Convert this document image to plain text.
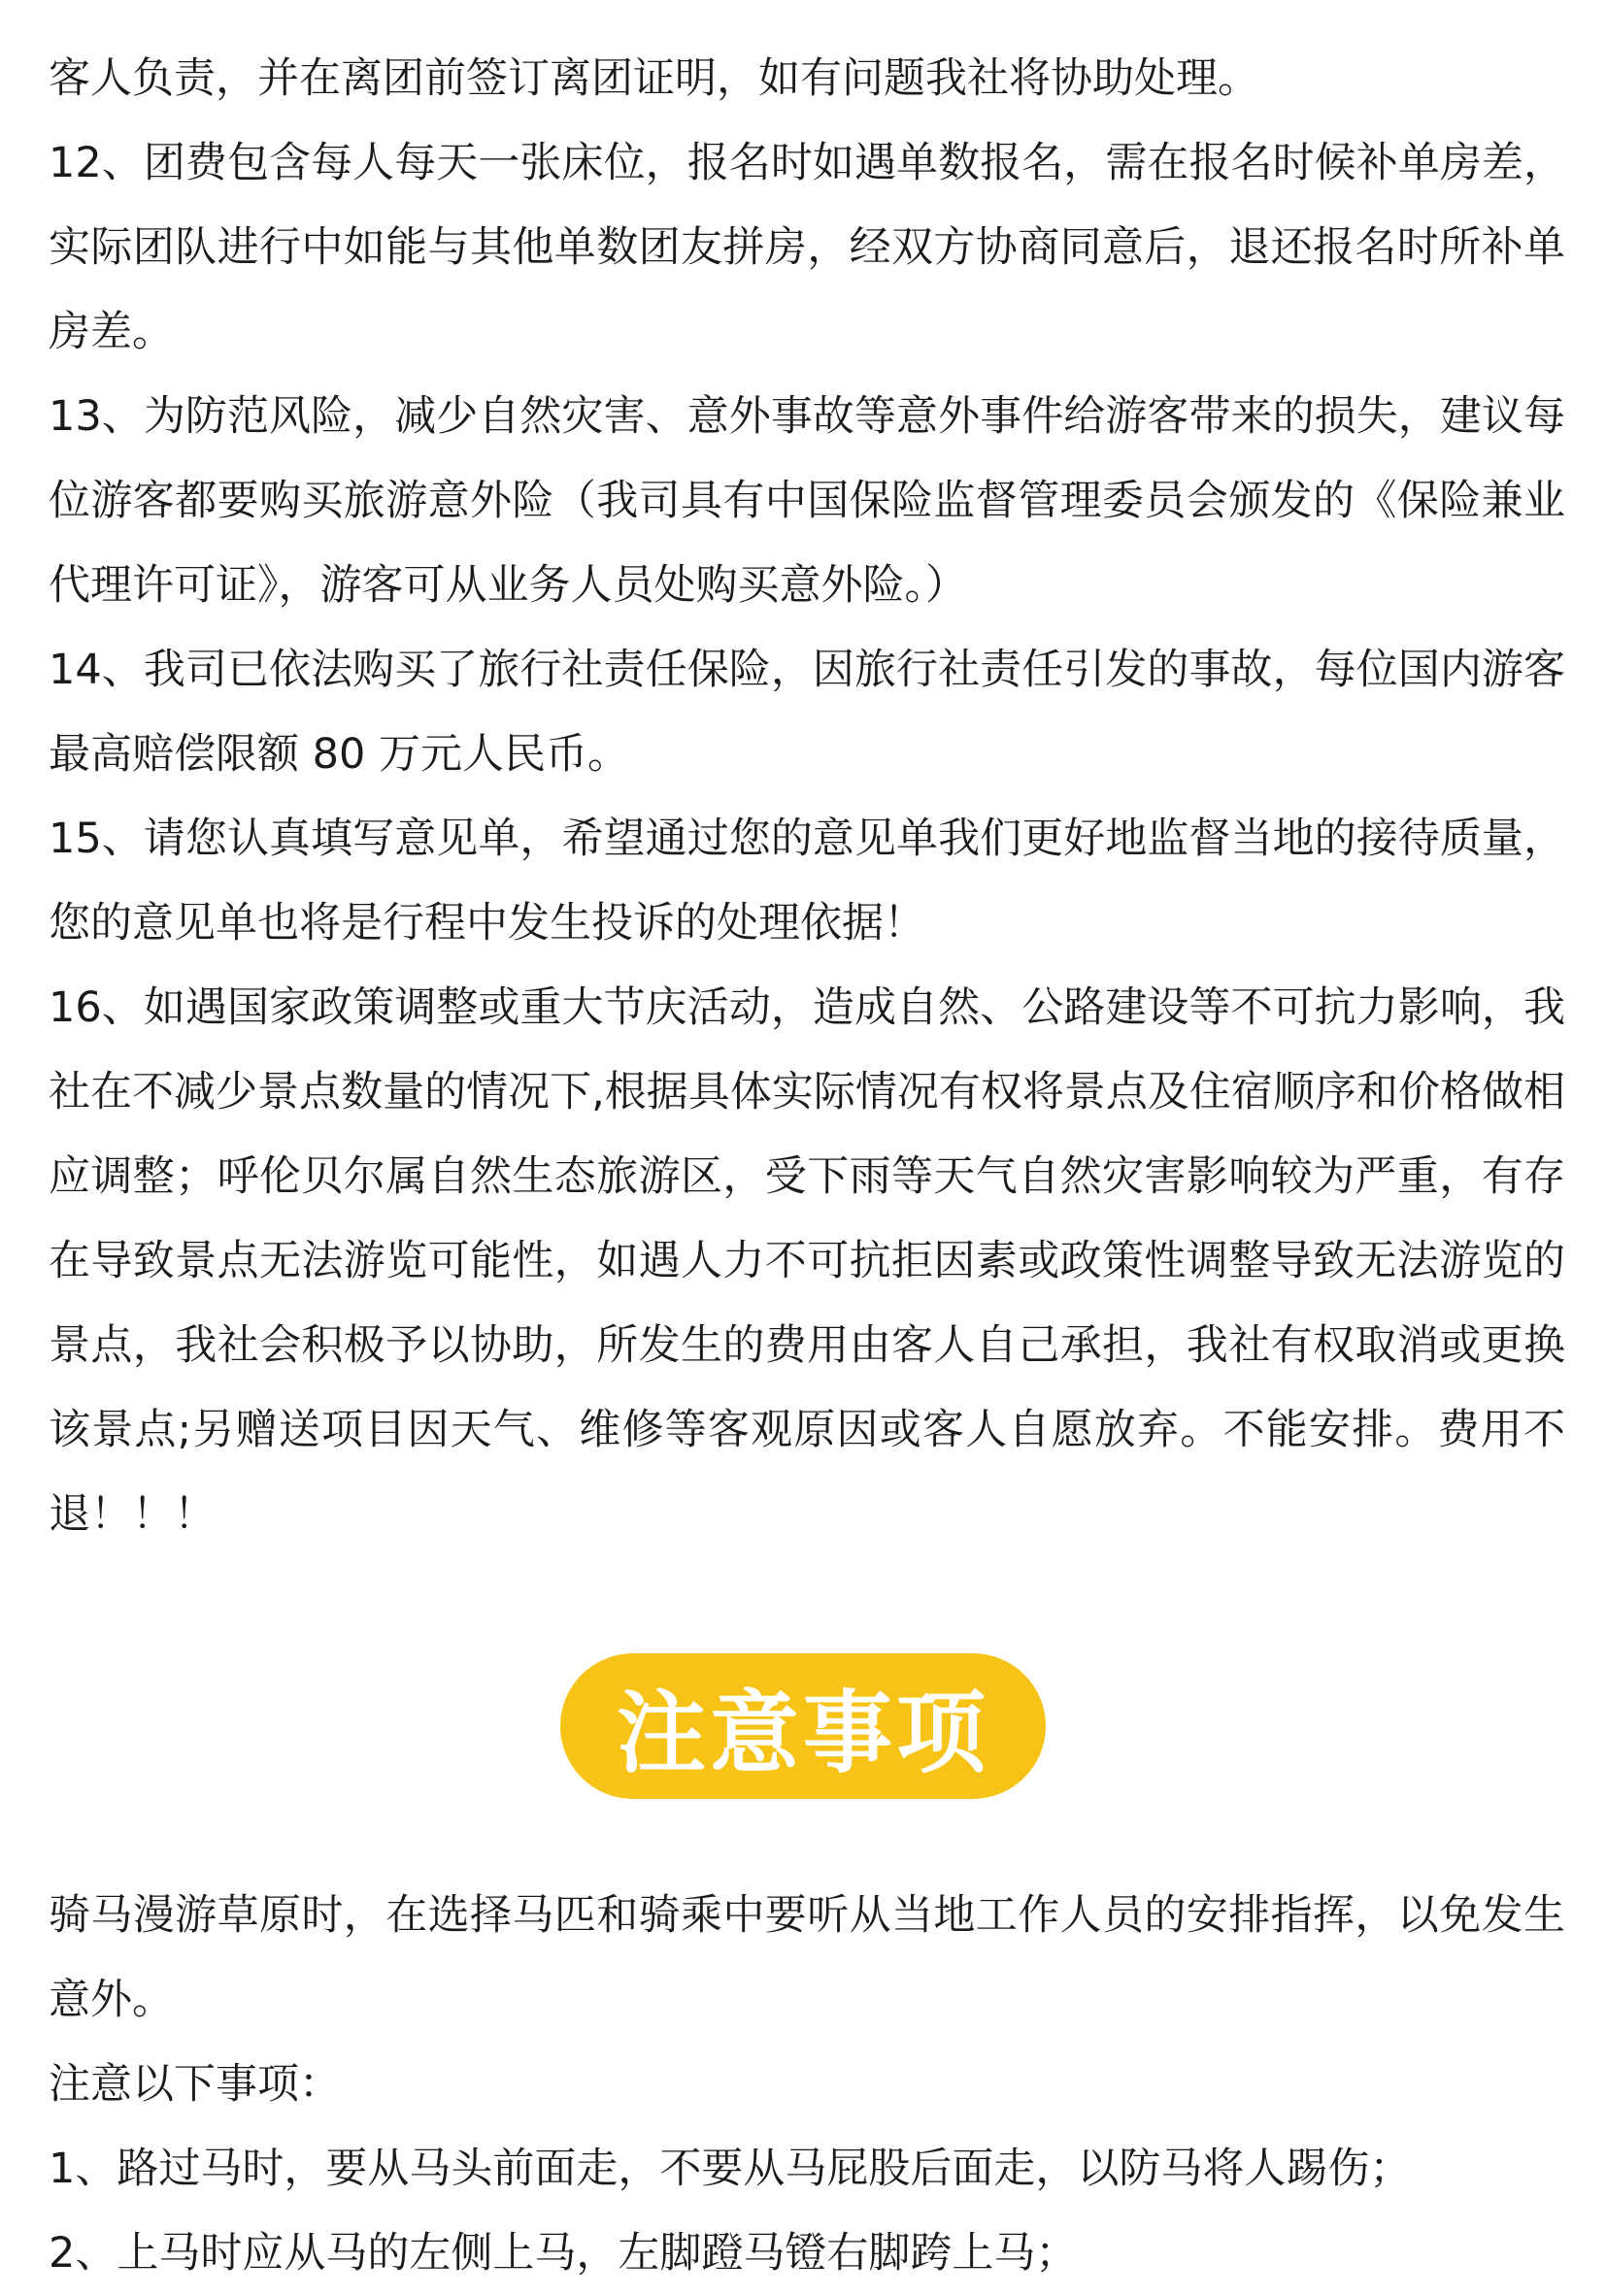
客人负责，并在离团前签订离团证明，如有问题我社将协助处理。

12、团费包含每人每天一张床位，报名时如遇单数报名，需在报名时候补单房差，实际团队进行中如能与其他单数团友拼房，经双方协商同意后，退还报名时所补单房差。

13、为防范风险，减少自然灾害、意外事故等意外事件给游客带来的损失，建议每位游客都要购买旅游意外险（我司具有中国保险监督管理委员会颁发的《保险兼业代理许可证》，游客可从业务人员处购买意外险。）

14、我司已依法购买了旅行社责任保险，因旅行社责任引发的事故，每位国内游客最高赔偿限额 80 万元人民币。

15、请您认真填写意见单，希望通过您的意见单我们更好地监督当地的接待质量，您的意见单也将是行程中发生投诉的处理依据！

16、如遇国家政策调整或重大节庆活动，造成自然、公路建设等不可抗力影响，我社在不减少景点数量的情况下,根据具体实际情况有权将景点及住宿顺序和价格做相应调整；呼伦贝尔属自然生态旅游区，受下雨等天气自然灾害影响较为严重，有存在导致景点无法游览可能性，如遇人力不可抗拒因素或政策性调整导致无法游览的景点，我社会积极予以协助，所发生的费用由客人自己承担，我社有权取消或更换该景点;另赠送项目因天气、维修等客观原因或客人自愿放弃。不能安排。费用不退！！！

注意事项

骑马漫游草原时，在选择马匹和骑乘中要听从当地工作人员的安排指挥，以免发生意外。

注意以下事项：

1、路过马时，要从马头前面走，不要从马屁股后面走，以防马将人踢伤；

2、上马时应从马的左侧上马，左脚蹬马镫右脚跨上马；
